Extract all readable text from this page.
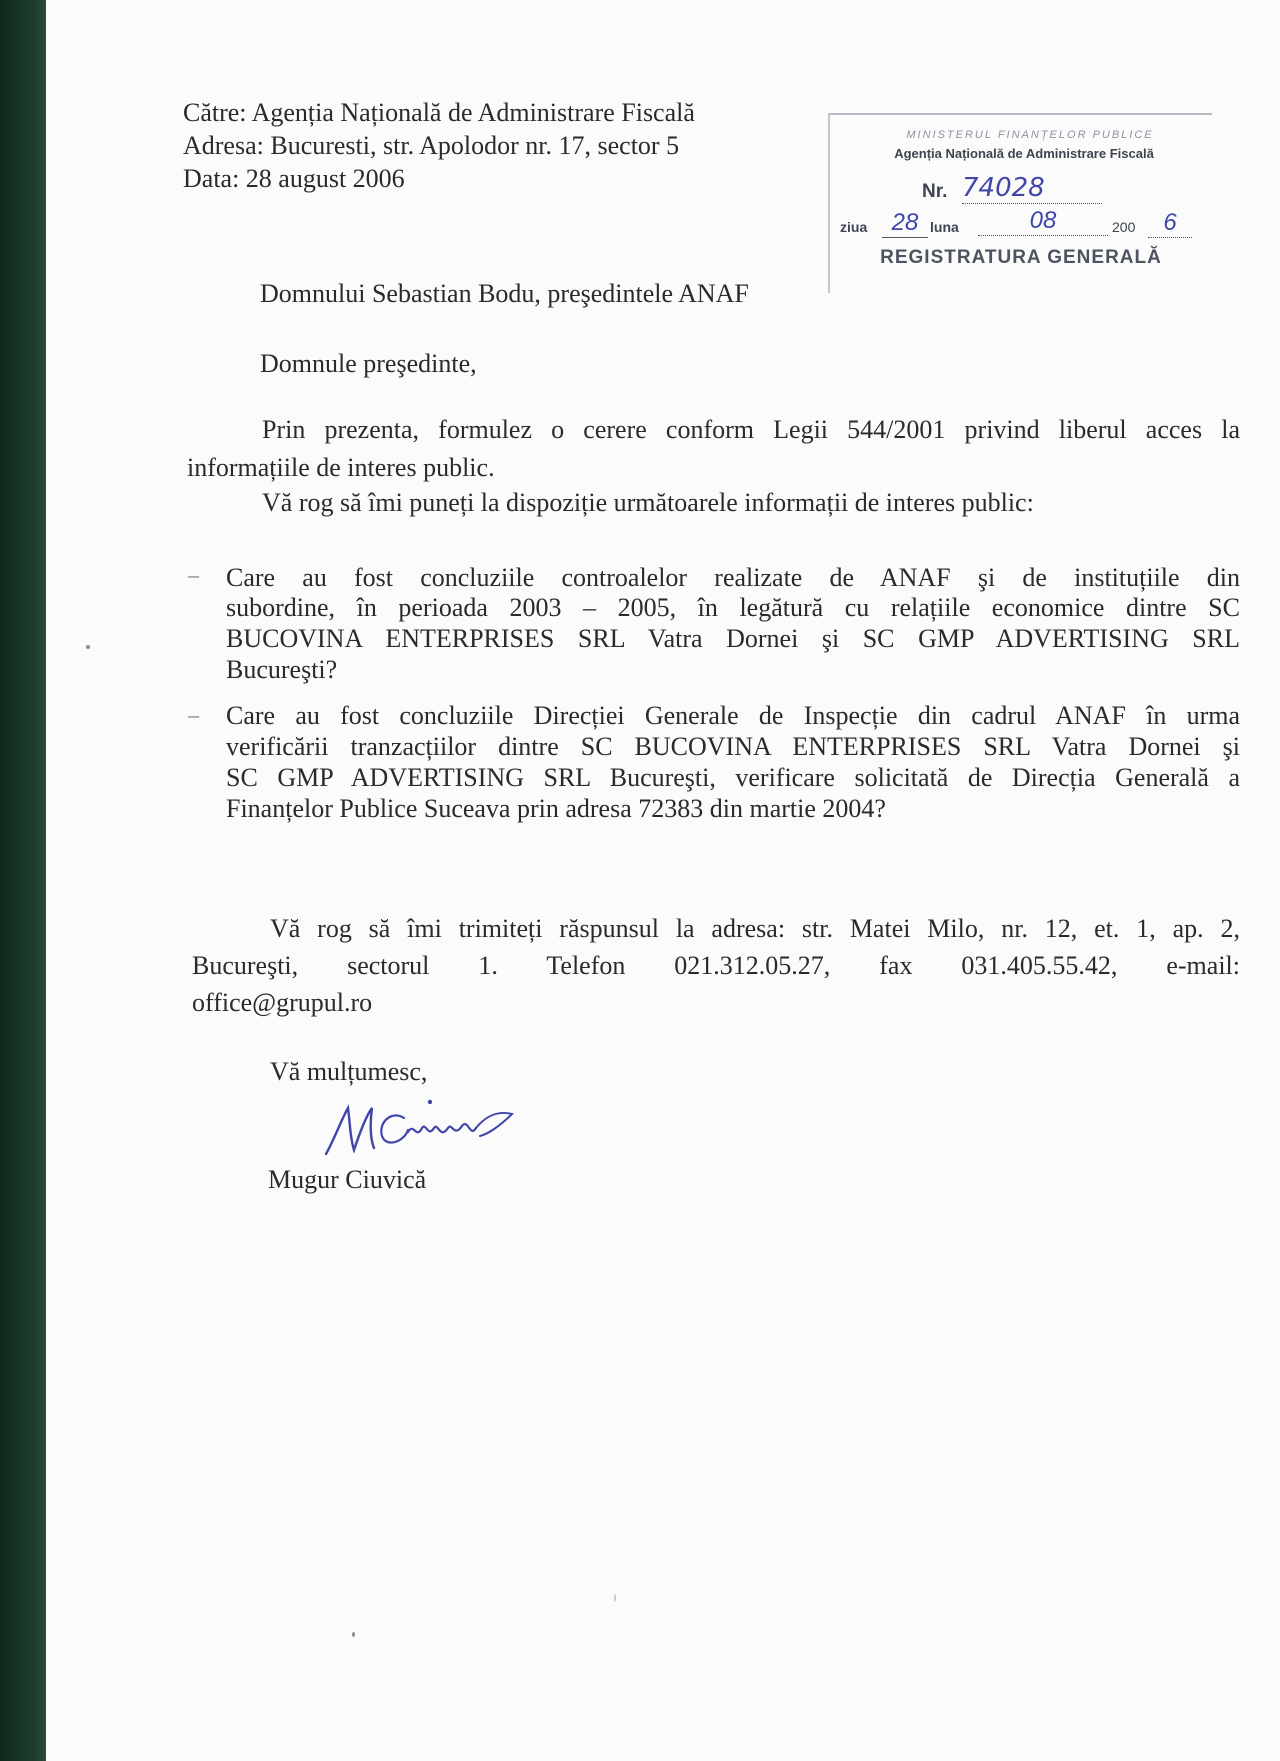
Către: Agenția Națională de Administrare Fiscală
Adresa: Bucuresti, str. Apolodor nr. 17, sector 5
Data: 28 august 2006
MINISTERUL FINANȚELOR PUBLICE
Agenția Națională de Administrare Fiscală
Nr. 74028
ziua	28 luna	08	200	6
REGISTRATURA GENERALĂ
Domnului Sebastian Bodu, preşedintele ANAF
Domnule preşedinte,
Prin prezenta, formulez o cerere conform Legii 544/2001 privind liberul acces la
informațiile de interes public.
Vă rog să îmi puneți la dispoziție următoarele informații de interes public:
– Care au fost concluziile controalelor realizate de ANAF şi de instituțiile din
subordine, în perioada 2003 – 2005, în legătură cu relațiile economice dintre SC
BUCOVINA ENTERPRISES SRL Vatra Dornei şi SC GMP ADVERTISING SRL
Bucureşti?
– Care au fost concluziile Direcției Generale de Inspecție din cadrul ANAF în urma
verificării tranzacțiilor dintre SC BUCOVINA ENTERPRISES SRL Vatra Dornei şi
SC GMP ADVERTISING SRL Bucureşti, verificare solicitată de Direcția Generală a
Finanțelor Publice Suceava prin adresa 72383 din martie 2004?
Vă rog să îmi trimiteți răspunsul la adresa: str. Matei Milo, nr. 12, et. 1, ap. 2,
Bucureşti, sectorul 1. Telefon 021.312.05.27, fax 031.405.55.42, e-mail:
office@grupul.ro
Vă mulțumesc,
Mugur Ciuvică
